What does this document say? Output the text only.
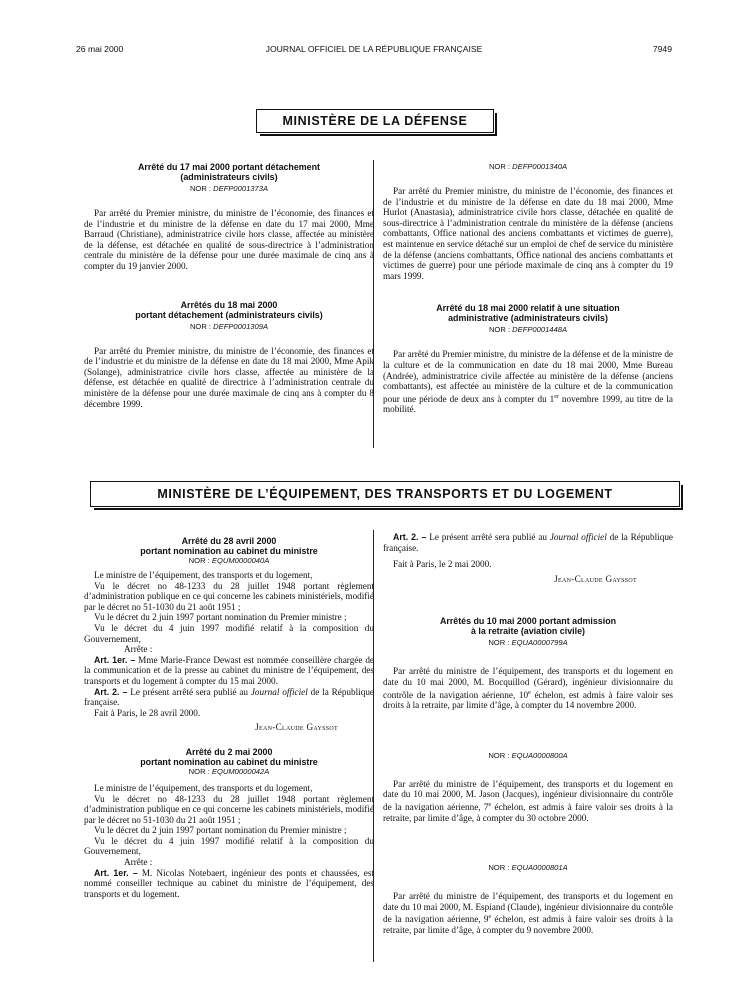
26 mai 2000	JOURNAL OFFICIEL DE LA RÉPUBLIQUE FRANÇAISE	7949
MINISTÈRE DE LA DÉFENSE
Arrêté du 17 mai 2000 portant détachement
(administrateurs civils)
NOR : DEFP0001373A

Par arrêté du Premier ministre, du ministre de l’économie, des finances et de l’industrie et du ministre de la défense en date du 17 mai 2000, Mme Barraud (Christiane), administratrice civile hors classe, affectée au ministère de la défense, est détachée en qualité de sous-directrice à l’administration centrale du ministère de la défense pour une durée maximale de cinq ans à compter du 19 janvier 2000.

Arrêtés du 18 mai 2000
portant détachement (administrateurs civils)
NOR : DEFP0001309A

Par arrêté du Premier ministre, du ministre de l’économie, des finances et de l’industrie et du ministre de la défense en date du 18 mai 2000, Mme Apik (Solange), administratrice civile hors classe, affectée au ministère de la défense, est détachée en qualité de directrice à l’administration centrale du ministère de la défense pour une durée maximale de cinq ans à compter du 8 décembre 1999.

NOR : DEFP0001340A

Par arrêté du Premier ministre, du ministre de l’économie, des finances et de l’industrie et du ministre de la défense en date du 18 mai 2000, Mme Hurlot (Anastasia), administratrice civile hors classe, détachée en qualité de sous-directrice à l’administration centrale du ministère de la défense (anciens combattants, Office national des anciens combattants et victimes de guerre), est maintenue en service détaché sur un emploi de chef de service du ministère de la défense (anciens combattants, Office national des anciens combattants et victimes de guerre) pour une période maximale de cinq ans à compter du 19 mars 1999.

Arrêté du 18 mai 2000 relatif à une situation
administrative (administrateurs civils)
NOR : DEFP0001448A

Par arrêté du Premier ministre, du ministre de la défense et de la ministre de la culture et de la communication en date du 18 mai 2000, Mme Bureau (Andrée), administratrice civile affectée au ministère de la défense (anciens combattants), est affectée au ministère de la culture et de la communication pour une période de deux ans à compter du 1er novembre 1999, au titre de la mobilité.

MINISTÈRE DE L’ÉQUIPEMENT, DES TRANSPORTS ET DU LOGEMENT
Arrêté du 28 avril 2000
portant nomination au cabinet du ministre
NOR : EQUM0000040A

Le ministre de l’équipement, des transports et du logement,

Vu le décret no 48-1233 du 28 juillet 1948 portant règlement d’administration publique en ce qui concerne les cabinets ministériels, modifié par le décret no 51-1030 du 21 août 1951 ;

Vu le décret du 2 juin 1997 portant nomination du Premier ministre ;

Vu le décret du 4 juin 1997 modifié relatif à la composition du Gouvernement,

Arrête :

Art. 1er. – Mme Marie-France Dewast est nommée conseillère chargée de la communication et de la presse au cabinet du ministre de l’équipement, des transports et du logement à compter du 15 mai 2000.

Art. 2. – Le présent arrêté sera publié au Journal officiel de la République française.

Fait à Paris, le 28 avril 2000.

Jean-Claude Gayssot

Arrêté du 2 mai 2000
portant nomination au cabinet du ministre
NOR : EQUM0000042A

Le ministre de l’équipement, des transports et du logement,

Vu le décret no 48-1233 du 28 juillet 1948 portant règlement d’administration publique en ce qui concerne les cabinets ministériels, modifié par le décret no 51-1030 du 21 août 1951 ;

Vu le décret du 2 juin 1997 portant nomination du Premier ministre ;

Vu le décret du 4 juin 1997 modifié relatif à la composition du Gouvernement,

Arrête :

Art. 1er. – M. Nicolas Notebaert, ingénieur des ponts et chaussées, est nommé conseiller technique au cabinet du ministre de l’équipement, des transports et du logement.

Art. 2. – Le présent arrêté sera publié au Journal officiel de la République française.

Fait à Paris, le 2 mai 2000.

Jean-Claude Gayssot

Arrêtés du 10 mai 2000 portant admission
à la retraite (aviation civile)
NOR : EQUA0000799A

Par arrêté du ministre de l’équipement, des transports et du logement en date du 10 mai 2000, M. Bocquillod (Gérard), ingénieur divisionnaire du contrôle de la navigation aérienne, 10e échelon, est admis à faire valoir ses droits à la retraite, par limite d’âge, à compter du 14 novembre 2000.

NOR : EQUA0000800A

Par arrêté du ministre de l’équipement, des transports et du logement en date du 10 mai 2000, M. Jason (Jacques), ingénieur divisionnaire du contrôle de la navigation aérienne, 7e échelon, est admis à faire valoir ses droits à la retraite, par limite d’âge, à compter du 30 octobre 2000.

NOR : EQUA0000801A

Par arrêté du ministre de l’équipement, des transports et du logement en date du 10 mai 2000, M. Espiand (Claude), ingénieur divisionnaire du contrôle de la navigation aérienne, 9e échelon, est admis à faire valoir ses droits à la retraite, par limite d’âge, à compter du 9 novembre 2000.
